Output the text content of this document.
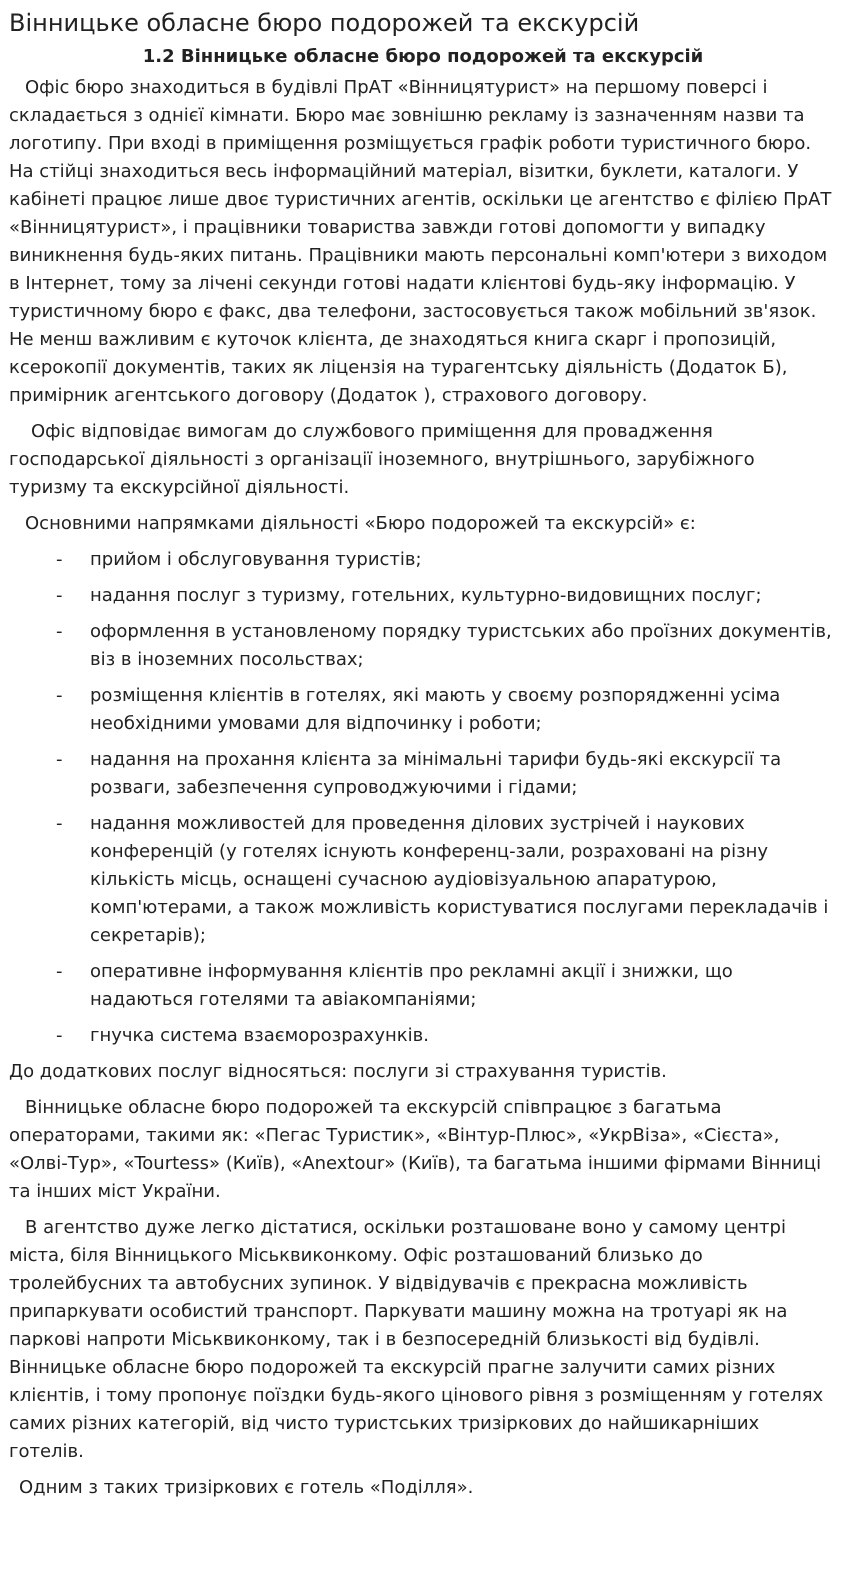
Вінницьке обласне бюро подорожей та екскурсій
1.2 Вінницьке обласне бюро подорожей та екскурсій

Офіс бюро знаходиться в будівлі ПрАТ «Вінницятурист» на першому поверсі і складається з однієї кімнати. Бюро має зовнішню рекламу із зазначенням назви та логотипу. При вході в приміщення розміщується графік роботи туристичного бюро. На стійці знаходиться весь інформаційний матеріал, візитки, буклети, каталоги. У кабінеті працює лише двоє туристичних агентів, оскільки це агентство є філією ПрАТ «Вінницятурист», і працівники товариства завжди готові допомогти у випадку виникнення будь-яких питань. Працівники мають персональні комп'ютери з виходом в Інтернет, тому за лічені секунди готові надати клієнтові будь-яку інформацію. У туристичному бюро є факс, два телефони, застосовується також мобільний зв'язок. Не менш важливим є куточок клієнта, де знаходяться книга скарг і пропозицій, ксерокопії документів, таких як ліцензія на турагентську діяльність (Додаток Б), примірник агентського договору (Додаток ), страхового договору.

Офіс відповідає вимогам до службового приміщення для провадження господарської діяльності з організації іноземного, внутрішнього, зарубіжного туризму та екскурсійної діяльності.

Основними напрямками діяльності «Бюро подорожей та екскурсій» є:

- прийом і обслуговування туристів;
- надання послуг з туризму, готельних, культурно-видовищних послуг;
- оформлення в установленому порядку туристських або проїзних документів, віз в іноземних посольствах;
- розміщення клієнтів в готелях, які мають у своєму розпорядженні усіма необхідними умовами для відпочинку і роботи;
- надання на прохання клієнта за мінімальні тарифи будь-які екскурсії та розваги, забезпечення супроводжуючими і гідами;
- надання можливостей для проведення ділових зустрічей і наукових конференцій (у готелях існують конференц-зали, розраховані на різну кількість місць, оснащені сучасною аудіовізуальною апаратурою, комп'ютерами, а також можливість користуватися послугами перекладачів і секретарів);
- оперативне інформування клієнтів про рекламні акції і знижки, що надаються готелями та авіакомпаніями;
- гнучка система взаєморозрахунків.

До додаткових послуг відносяться: послуги зі страхування туристів.

Вінницьке обласне бюро подорожей та екскурсій співпрацює з багатьма операторами, такими як: «Пегас Туристик», «Вінтур-Плюс», «УкрВіза», «Сієста», «Олві-Тур», «Tourtess» (Київ), «Anextour» (Київ), та багатьма іншими фірмами Вінниці та інших міст України.

В агентство дуже легко дістатися, оскільки розташоване воно у самому центрі міста, біля Вінницького Міськвиконкому. Офіс розташований близько до тролейбусних та автобусних зупинок. У відвідувачів є прекрасна можливість припаркувати особистий транспорт. Паркувати машину можна на тротуарі як на паркові напроти Міськвиконкому, так і в безпосередній близькості від будівлі. Вінницьке обласне бюро подорожей та екскурсій прагне залучити самих різних клієнтів, і тому пропонує поїздки будь-якого цінового рівня з розміщенням у готелях самих різних категорій, від чисто туристських тризіркових до найшикарніших готелів.

Одним з таких тризіркових є готель «Поділля».
